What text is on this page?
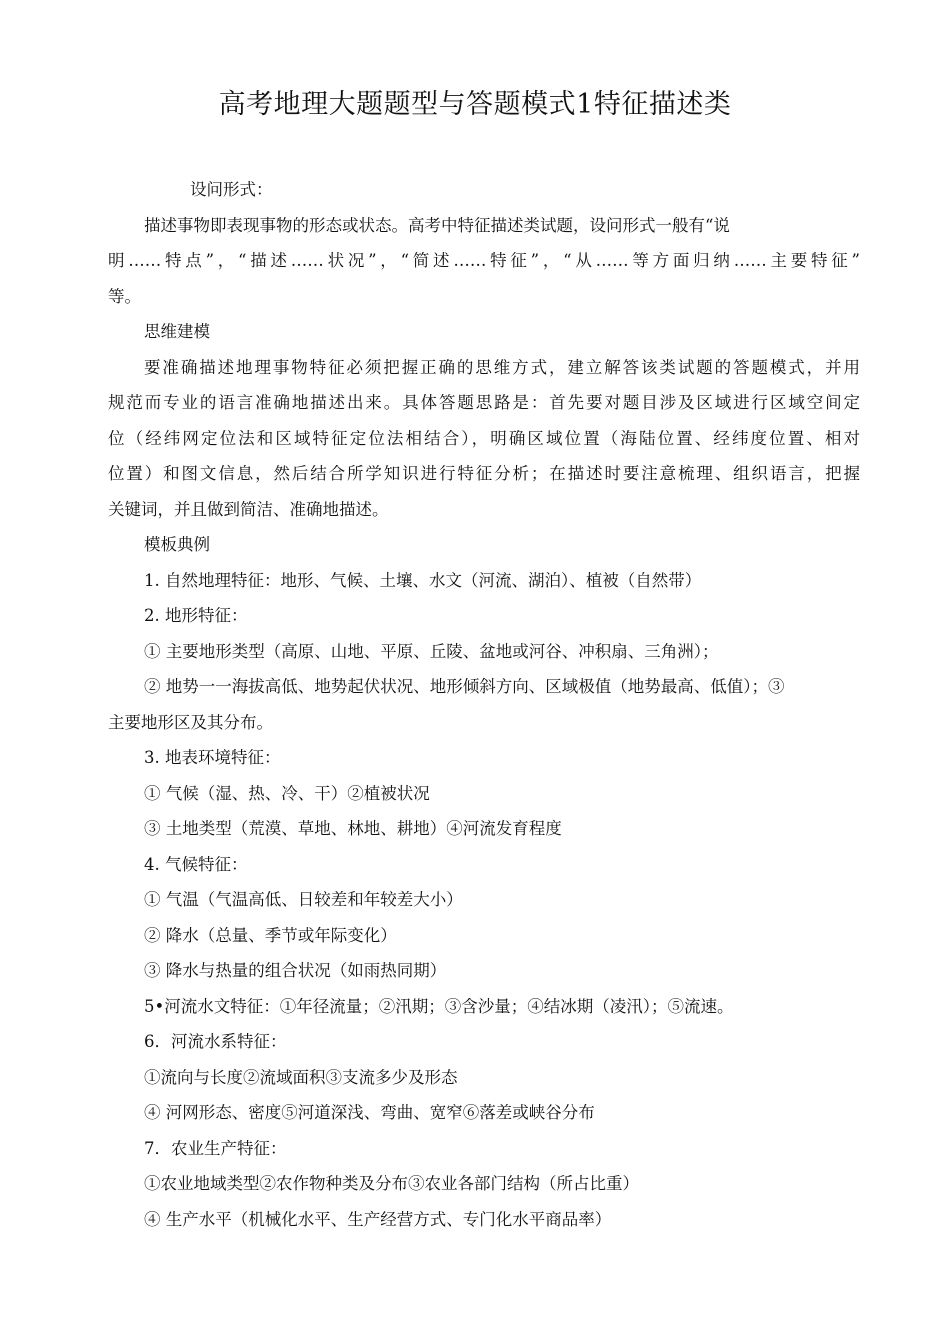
高考地理大题题型与答题模式1特征描述类
设问形式：
描述事物即表现事物的形态或状态。高考中特征描述类试题，设问形式一般有“说
明……特点”，“描述……状况”，“简述……特征”，“从……等方面归纳……主要特征”
等。
思维建模
要准确描述地理事物特征必须把握正确的思维方式，建立解答该类试题的答题模式，并用
规范而专业的语言准确地描述出来。具体答题思路是：首先要对题目涉及区域进行区域空间定
位（经纬网定位法和区域特征定位法相结合），明确区域位置（海陆位置、经纬度位置、相对
位置）和图文信息，然后结合所学知识进行特征分析；在描述时要注意梳理、组织语言，把握
关键词，并且做到简洁、准确地描述。
模板典例
1. 自然地理特征：地形、气候、土壤、水文（河流、湖泊）、植被（自然带）
2. 地形特征：
① 主要地形类型（高原、山地、平原、丘陵、盆地或河谷、冲积扇、三角洲）；
② 地势一一海拔高低、地势起伏状况、地形倾斜方向、区域极值（地势最高、低值）；③
主要地形区及其分布。
3. 地表环境特征：
① 气候（湿、热、冷、干）②植被状况
③ 土地类型（荒漠、草地、林地、耕地）④河流发育程度
4. 气候特征：
① 气温（气温高低、日较差和年较差大小）
② 降水（总量、季节或年际变化）
③ 降水与热量的组合状况（如雨热同期）
5•河流水文特征：①年径流量；②汛期；③含沙量；④结冰期（凌汛）；⑤流速。
6．河流水系特征：
①流向与长度②流域面积③支流多少及形态
④ 河网形态、密度⑤河道深浅、弯曲、宽窄⑥落差或峡谷分布
7．农业生产特征：
①农业地域类型②农作物种类及分布③农业各部门结构（所占比重）
④ 生产水平（机械化水平、生产经营方式、专门化水平商品率）
